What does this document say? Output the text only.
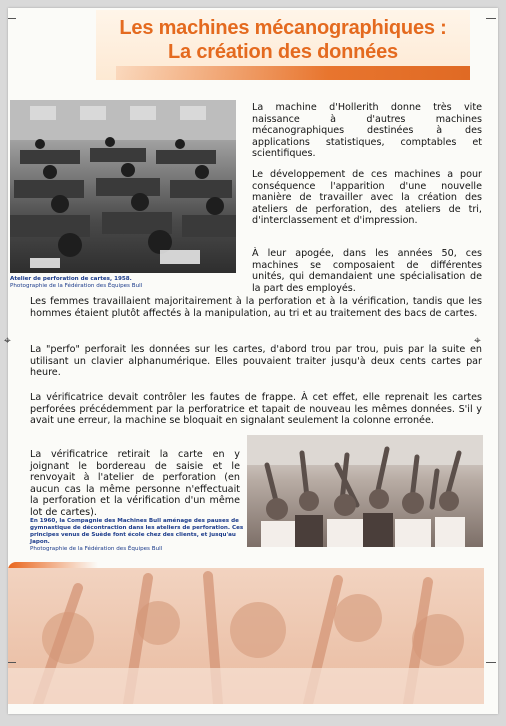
Les machines mécanographiques :
La création des données

Atelier de perforation de cartes, 1958.
Photographie de la Fédération des Équipes Bull

La machine d'Hollerith donne très vite naissance à d'autres machines mécanographiques destinées à des applications statistiques, comptables et scientifiques.

Le développement de ces machines a pour conséquence l'apparition d'une nouvelle manière de travailler avec la création des ateliers de perforation, des ateliers de tri, d'interclassement et d'impression.

À leur apogée, dans les années 50, ces machines se composaient de différentes unités, qui demandaient une spécialisation de la part des employés.

Les femmes travaillaient majoritairement à la perforation et à la vérification, tandis que les hommes étaient plutôt affectés à la manipulation, au tri et au traitement des bacs de cartes.

La "perfo" perforait les données sur les cartes, d'abord trou par trou, puis par la suite en utilisant un clavier alphanumérique. Elles pouvaient traiter jusqu'à deux cents cartes par heure.

La vérificatrice devait contrôler les fautes de frappe. À cet effet, elle reprenait les cartes perforées précédemment par la perforatrice et tapait de nouveau les mêmes données. S'il y avait une erreur, la machine se bloquait en signalant seulement la colonne erronée.

La vérificatrice retirait la carte en y joignant le bordereau de saisie et le renvoyait à l'atelier de perforation (en aucun cas la même personne n'effectuait la perforation et la vérification d'un même lot de cartes).

En 1960, la Compagnie des Machines Bull aménage des pauses de gymnastique de décontraction dans les ateliers de perforation. Ces principes venus de Suède font école chez des clients, et jusqu'au Japon.
Photographie de la Fédération des Équipes Bull

⌖	⌖
